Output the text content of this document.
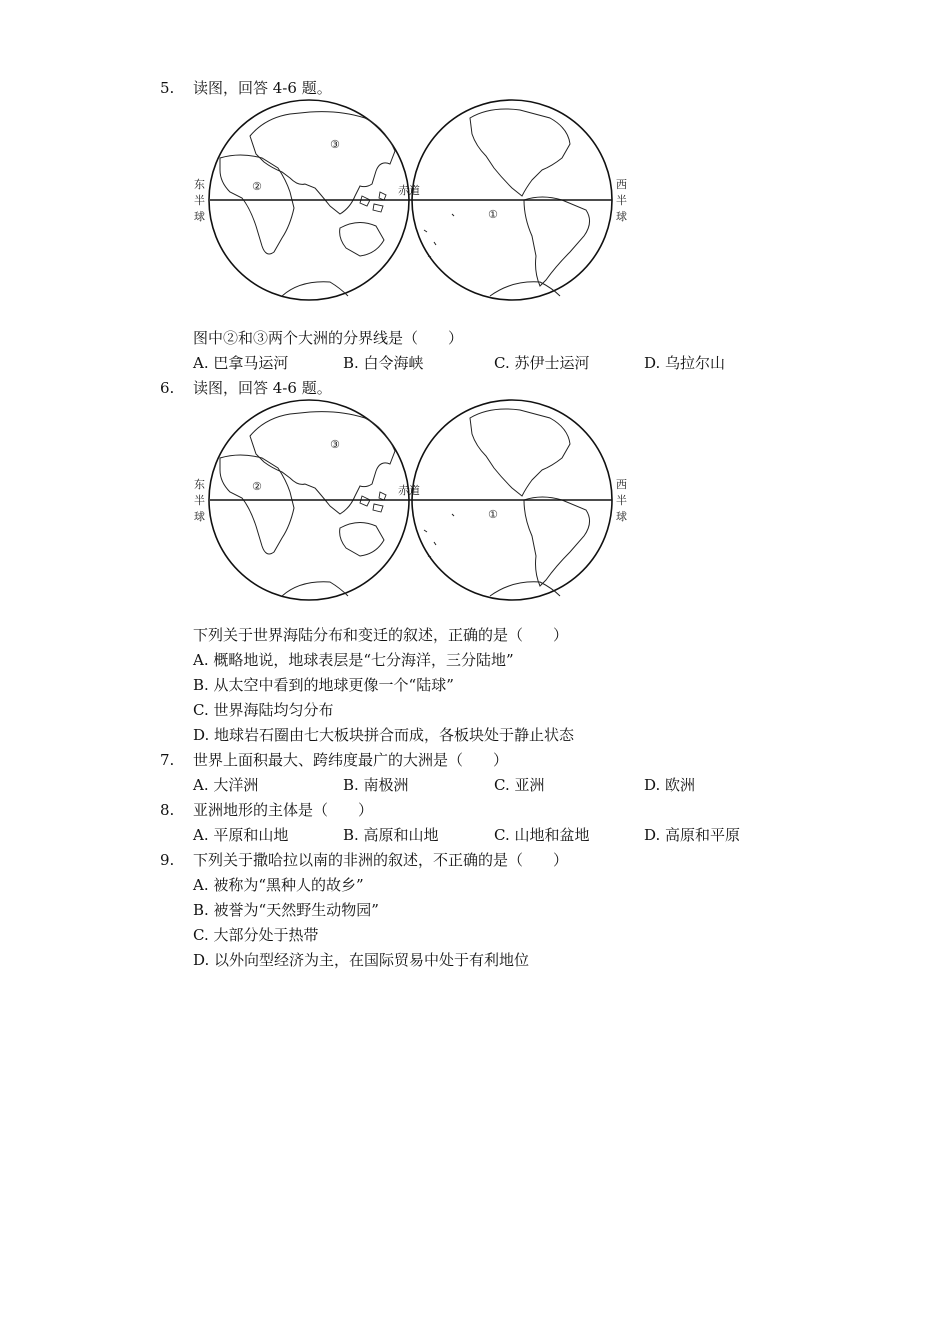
5. 读图，回答 4-6 题。
②
③
①
赤道
东
半
球
西
半
球
图中②和③两个大洲的分界线是（　　）
A. 巴拿马运河	B. 白令海峡	C. 苏伊士运河	D. 乌拉尔山
6. 读图，回答 4-6 题。
②
③
①
赤道
东
半
球
西
半
球
下列关于世界海陆分布和变迁的叙述，正确的是（　　）
A. 概略地说，地球表层是“七分海洋，三分陆地”
B. 从太空中看到的地球更像一个“陆球”
C. 世界海陆均匀分布
D. 地球岩石圈由七大板块拼合而成，各板块处于静止状态
7. 世界上面积最大、跨纬度最广的大洲是（　　）
A. 大洋洲	B. 南极洲	C. 亚洲	D. 欧洲
8. 亚洲地形的主体是（　　）
A. 平原和山地	B. 高原和山地	C. 山地和盆地	D. 高原和平原
9. 下列关于撒哈拉以南的非洲的叙述，不正确的是（　　）
A. 被称为“黑种人的故乡”
B. 被誉为“天然野生动物园”
C. 大部分处于热带
D. 以外向型经济为主，在国际贸易中处于有利地位
